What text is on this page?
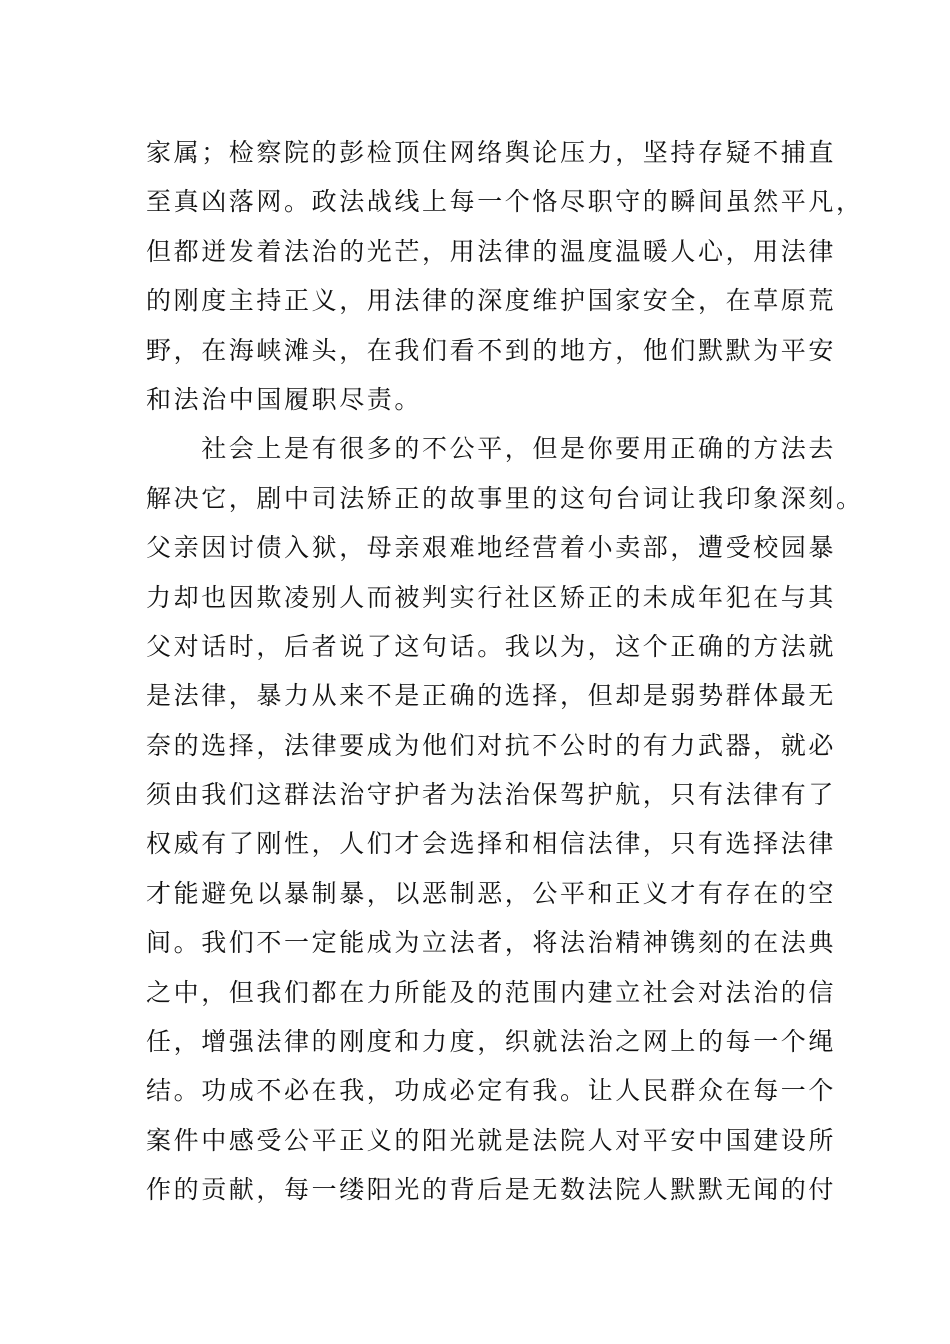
家属；检察院的彭检顶住网络舆论压力，坚持存疑不捕直
至真凶落网。政法战线上每一个恪尽职守的瞬间虽然平凡，
但都迸发着法治的光芒，用法律的温度温暖人心，用法律
的刚度主持正义，用法律的深度维护国家安全，在草原荒
野，在海峡滩头，在我们看不到的地方，他们默默为平安
和法治中国履职尽责。
　　社会上是有很多的不公平，但是你要用正确的方法去
解决它，剧中司法矫正的故事里的这句台词让我印象深刻。
父亲因讨债入狱，母亲艰难地经营着小卖部，遭受校园暴
力却也因欺凌别人而被判实行社区矫正的未成年犯在与其
父对话时，后者说了这句话。我以为，这个正确的方法就
是法律，暴力从来不是正确的选择，但却是弱势群体最无
奈的选择，法律要成为他们对抗不公时的有力武器，就必
须由我们这群法治守护者为法治保驾护航，只有法律有了
权威有了刚性，人们才会选择和相信法律，只有选择法律
才能避免以暴制暴，以恶制恶，公平和正义才有存在的空
间。我们不一定能成为立法者，将法治精神镌刻的在法典
之中，但我们都在力所能及的范围内建立社会对法治的信
任，增强法律的刚度和力度，织就法治之网上的每一个绳
结。功成不必在我，功成必定有我。让人民群众在每一个
案件中感受公平正义的阳光就是法院人对平安中国建设所
作的贡献，每一缕阳光的背后是无数法院人默默无闻的付
